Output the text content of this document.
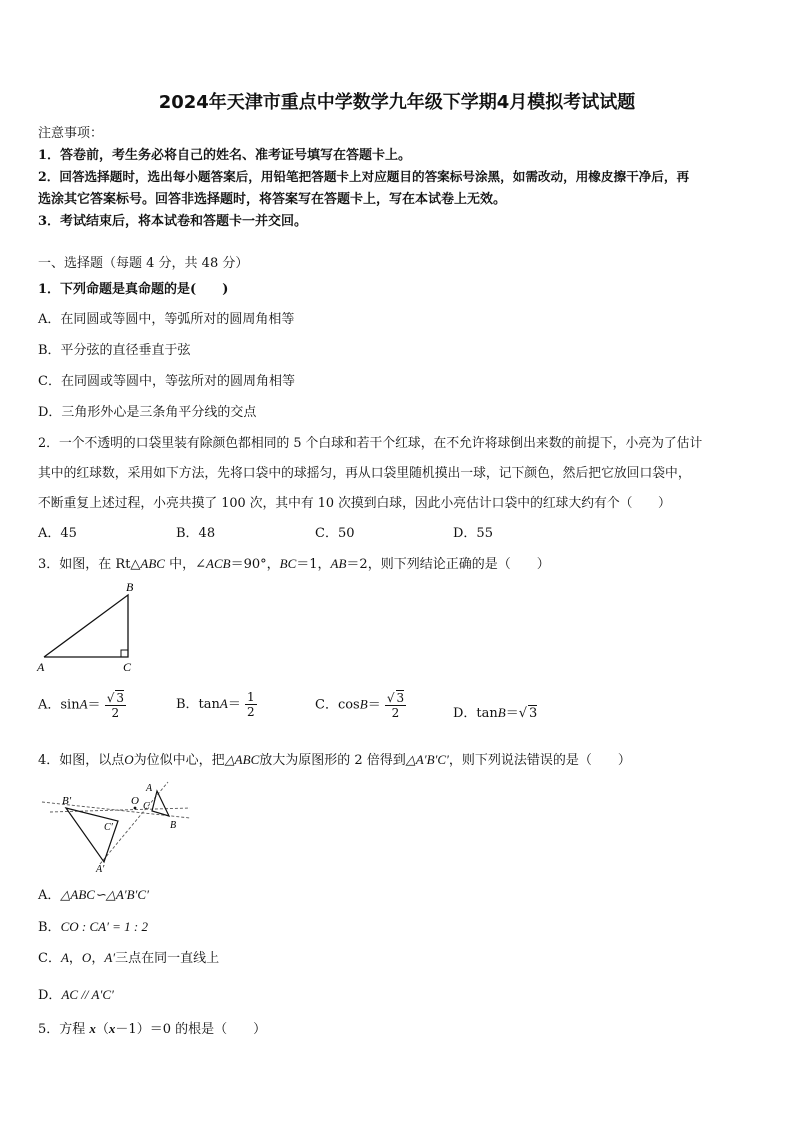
2024年天津市重点中学数学九年级下学期4月模拟考试试题
注意事项：
1．答卷前，考生务必将自己的姓名、准考证号填写在答题卡上。
2．回答选择题时，选出每小题答案后，用铅笔把答题卡上对应题目的答案标号涂黑，如需改动，用橡皮擦干净后，再
选涂其它答案标号。回答非选择题时，将答案写在答题卡上，写在本试卷上无效。
3．考试结束后，将本试卷和答题卡一并交回。
一、选择题（每题 4 分，共 48 分）
1．下列命题是真命题的是(　　)
A．在同圆或等圆中，等弧所对的圆周角相等
B．平分弦的直径垂直于弦
C．在同圆或等圆中，等弦所对的圆周角相等
D．三角形外心是三条角平分线的交点
2．一个不透明的口袋里装有除颜色都相同的 5 个白球和若干个红球，在不允许将球倒出来数的前提下，小亮为了估计
其中的红球数，采用如下方法，先将口袋中的球摇匀，再从口袋里随机摸出一球，记下颜色，然后把它放回口袋中，
不断重复上述过程，小亮共摸了 100 次，其中有 10 次摸到白球，因此小亮估计口袋中的红球大约有个（　　）
A．45	B．48	C．50	D．55
3．如图，在 Rt△ABC 中，∠ACB＝90°，BC＝1，AB＝2，则下列结论正确的是（　　）
B
A	C
A．$\sin A= \frac{√ 3}{2}$	B．$\tan A= \frac{1}{2}$	C．$\cos B= \frac{√ 3}{2}$	D．tanB＝√ 3
4．如图，以点O为位似中心，把△ABC放大为原图形的 2 倍得到△A′B′C′，则下列说法错误的是（　　）
B′	O
A
C
B
C′
A′
A．△ABC∽△A′B′C′
B．CO : CA′ = 1 : 2
C．A，O，A′三点在同一直线上
D．AC // A′C′
5．方程 x（x－1）＝0 的根是（　　）
